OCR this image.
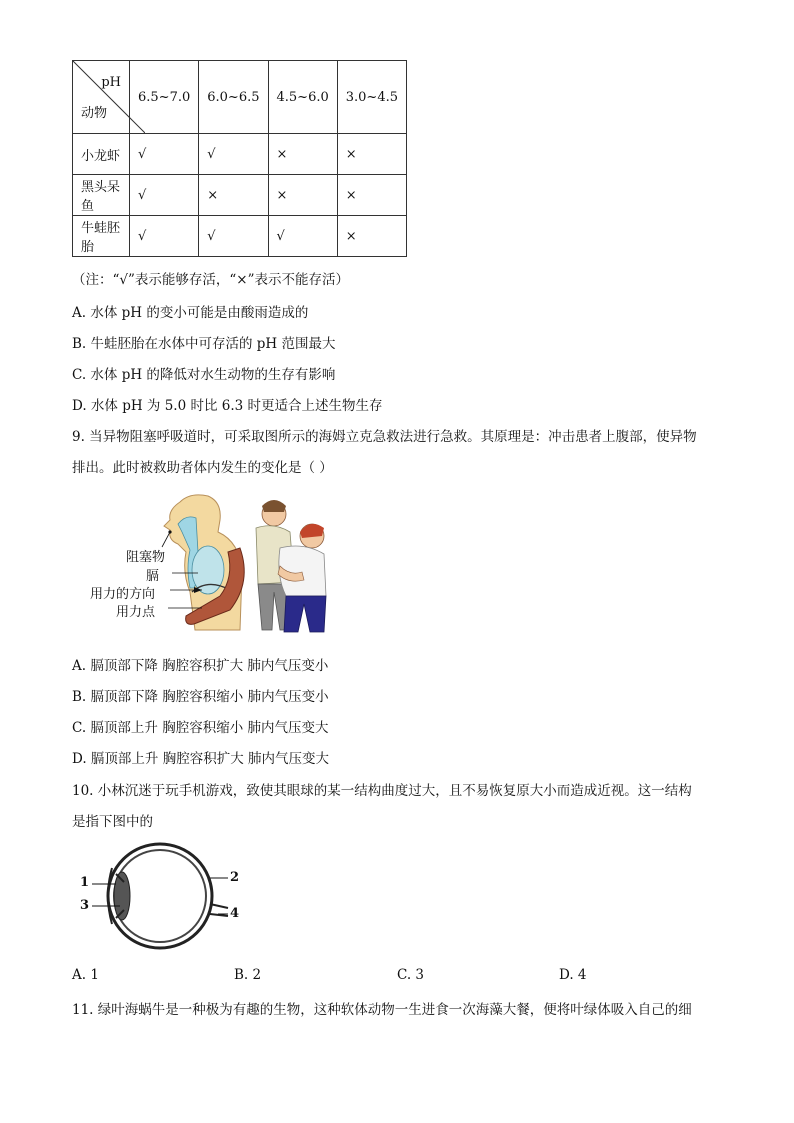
pH
动物	6.5~7.0	6.0~6.5	4.5~6.0	3.0~4.5
小龙虾	√	√	×	×
黑头呆鱼	√	×	×	×
牛蛙胚胎	√	√	√	×
（注：“√”表示能够存活，“×”表示不能存活）
A. 水体 pH 的变小可能是由酸雨造成的
B. 牛蛙胚胎在水体中可存活的 pH 范围最大
C. 水体 pH 的降低对水生动物的生存有影响
D. 水体 pH 为 5.0 时比 6.3 时更适合上述生物生存
9. 当异物阻塞呼吸道时，可采取图所示的海姆立克急救法进行急救。其原理是：冲击患者上腹部，使异物
排出。此时被救助者体内发生的变化是（ ）
阻塞物
膈
用力的方向
用力点
A. 膈顶部下降 胸腔容积扩大 肺内气压变小
B. 膈顶部下降 胸腔容积缩小 肺内气压变小
C. 膈顶部上升 胸腔容积缩小 肺内气压变大
D. 膈顶部上升 胸腔容积扩大 肺内气压变大
10. 小林沉迷于玩手机游戏，致使其眼球的某一结构曲度过大，且不易恢复原大小而造成近视。这一结构
是指下图中的
1	2
3
4
A. 1	B. 2	C. 3	D. 4
11. 绿叶海蜗牛是一种极为有趣的生物，这种软体动物一生进食一次海藻大餐，便将叶绿体吸入自己的细
